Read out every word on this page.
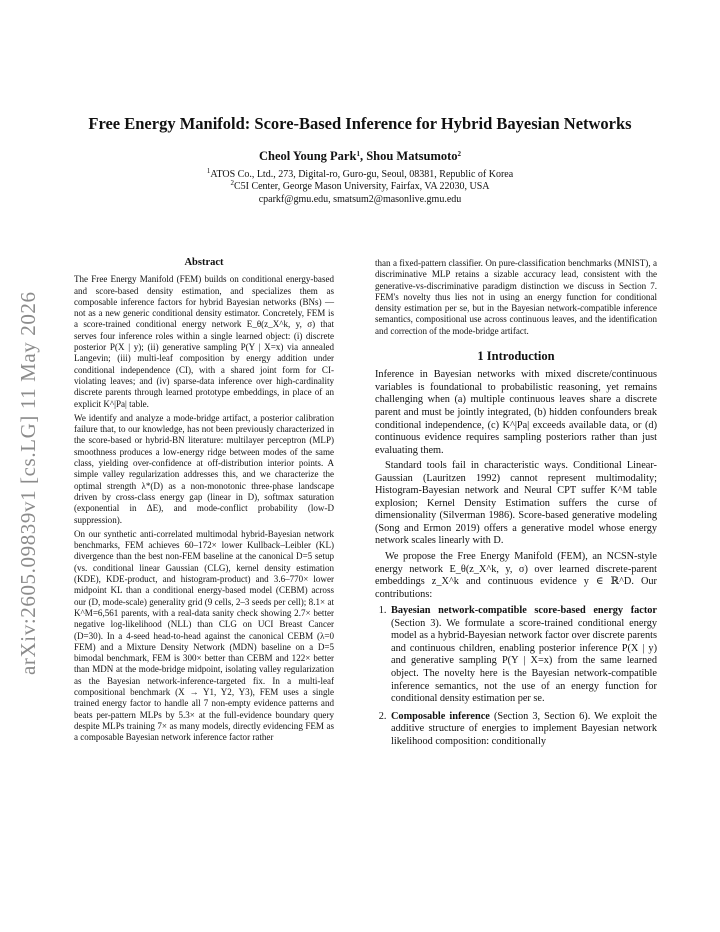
arXiv:2605.09839v1 [cs.LG] 11 May 2026
Free Energy Manifold: Score-Based Inference for Hybrid Bayesian Networks
Cheol Young Park$^1$, Shou Matsumoto$^2$
$^1$ATOS Co., Ltd., 273, Digital-ro, Guro-gu, Seoul, 08381, Republic of Korea
$^2$C5I Center, George Mason University, Fairfax, VA 22030, USA
cparkf@gmu.edu, smatsum2@masonlive.gmu.edu
Abstract

The Free Energy Manifold (FEM) builds on conditional energy-based and score-based density estimation, and specializes them as composable inference factors for hybrid Bayesian networks (BNs) — not as a new generic conditional density estimator. Concretely, FEM is a score-trained conditional energy network E_θ(z_X^k, y, σ) that serves four inference roles within a single learned object: (i) discrete posterior P(X | y); (ii) generative sampling P(Y | X=x) via annealed Langevin; (iii) multi-leaf composition by energy addition under conditional independence (CI), with a shared joint form for CI-violating leaves; and (iv) sparse-data inference over high-cardinality discrete parents through learned prototype embeddings, in place of an explicit K^|Pa| table.

We identify and analyze a mode-bridge artifact, a posterior calibration failure that, to our knowledge, has not been previously characterized in the score-based or hybrid-BN literature: multilayer perceptron (MLP) smoothness produces a low-energy ridge between modes of the same class, yielding over-confidence at off-distribution interior points. A simple valley regularization addresses this, and we characterize the optimal strength λ*(D) as a non-monotonic three-phase landscape driven by cross-class energy gap (linear in D), softmax saturation (exponential in ΔE), and mode-conflict probability (low-D suppression).

On our synthetic anti-correlated multimodal hybrid-Bayesian network benchmarks, FEM achieves 60–172× lower Kullback–Leibler (KL) divergence than the best non-FEM baseline at the canonical D=5 setup (vs. conditional linear Gaussian (CLG), kernel density estimation (KDE), KDE-product, and histogram-product) and 3.6–770× lower midpoint KL than a conditional energy-based model (CEBM) across our (D, mode-scale) generality grid (9 cells, 2–3 seeds per cell); 8.1× at K^M=6,561 parents, with a real-data sanity check showing 2.7× better negative log-likelihood (NLL) than CLG on UCI Breast Cancer (D=30). In a 4-seed head-to-head against the canonical CEBM (λ=0 FEM) and a Mixture Density Network (MDN) baseline on a D=5 bimodal benchmark, FEM is 300× better than CEBM and 122× better than MDN at the mode-bridge midpoint, isolating valley regularization as the Bayesian network-inference-targeted fix. In a multi-leaf compositional benchmark (X → Y1, Y2, Y3), FEM uses a single trained energy factor to handle all 7 non-empty evidence patterns and beats per-pattern MLPs by 5.3× at the full-evidence boundary query despite MLPs training 7× as many models, directly evidencing FEM as a composable Bayesian network inference factor rather

than a fixed-pattern classifier. On pure-classification benchmarks (MNIST), a discriminative MLP retains a sizable accuracy lead, consistent with the generative-vs-discriminative paradigm distinction we discuss in Section 7. FEM's novelty thus lies not in using an energy function for conditional density estimation per se, but in the Bayesian network-compatible inference semantics, compositional use across continuous leaves, and the identification and correction of the mode-bridge artifact.

1 Introduction

Inference in Bayesian networks with mixed discrete/continuous variables is foundational to probabilistic reasoning, yet remains challenging when (a) multiple continuous leaves share a discrete parent and must be jointly integrated, (b) hidden confounders break conditional independence, (c) K^|Pa| exceeds available data, or (d) continuous evidence requires sampling posteriors rather than just evaluating them.

Standard tools fail in characteristic ways. Conditional Linear-Gaussian (Lauritzen 1992) cannot represent multimodality; Histogram-Bayesian network and Neural CPT suffer K^M table explosion; Kernel Density Estimation suffers the curse of dimensionality (Silverman 1986). Score-based generative modeling (Song and Ermon 2019) offers a generative model whose energy network scales linearly with D.

We propose the Free Energy Manifold (FEM), an NCSN-style energy network E_θ(z_X^k, y, σ) over learned discrete-parent embeddings z_X^k and continuous evidence y ∈ ℝ^D. Our contributions:

1. Bayesian network-compatible score-based energy factor (Section 3). We formulate a score-trained conditional energy model as a hybrid-Bayesian network factor over discrete parents and continuous children, enabling posterior inference P(X | y) and generative sampling P(Y | X=x) from the same learned object. The novelty here is the Bayesian network-compatible inference semantics, not the use of an energy function for conditional density estimation per se.
2. Composable inference (Section 3, Section 6). We exploit the additive structure of energies to implement Bayesian network likelihood composition: conditionally
